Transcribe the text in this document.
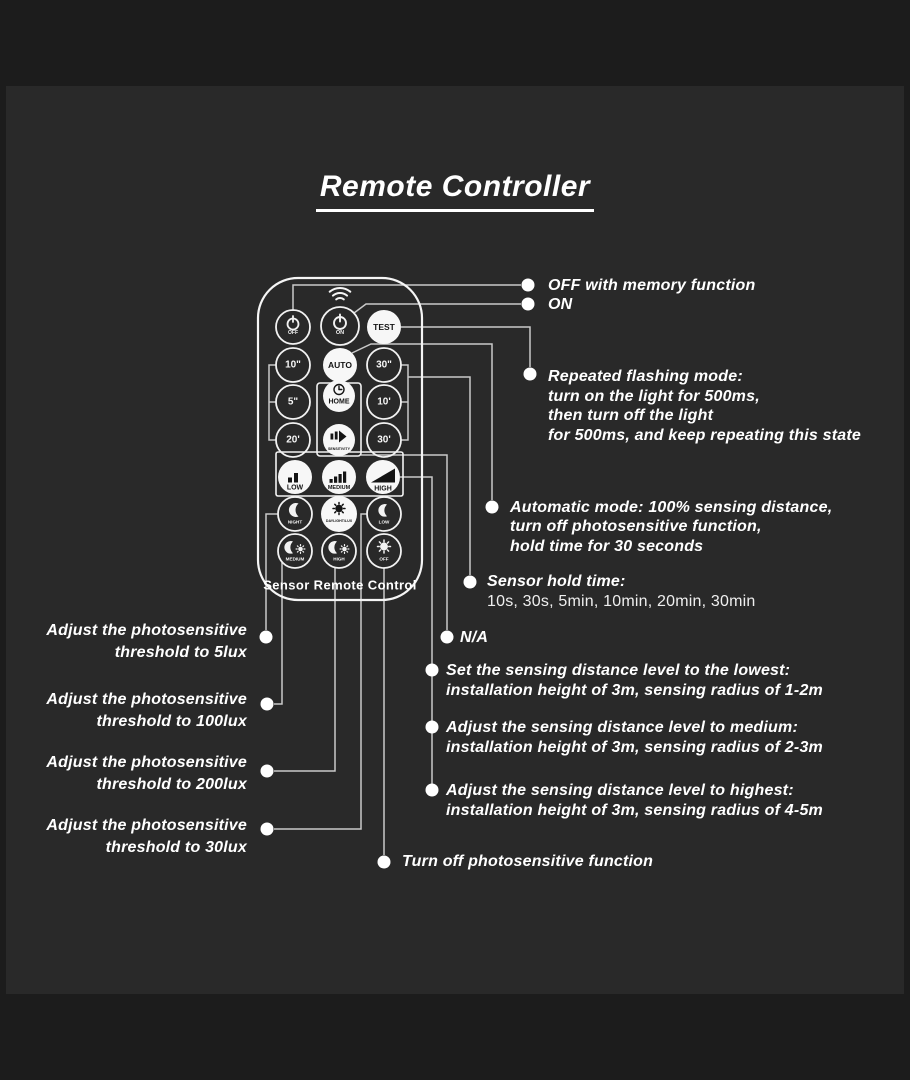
Remote Controller
OFF	ON
TEST
10"	AUTO 30"
5"	HOME	10'
20'
SENSITIVITY
30'
LOW	MEDIUM	HIGH
NIGHT	DAYLIGHT/LUX	LOW
MEDIUM	HIGH	OFF
Sensor Remote Control
OFF with memory function
ON
Repeated flashing mode:
turn on the light for 500ms,
then turn off the light
for 500ms, and keep repeating this state
Automatic mode: 100% sensing distance,
turn off photosensitive function,
hold time for 30 seconds
Sensor hold time:
10s, 30s, 5min, 10min, 20min, 30min
N/A
Set the sensing distance level to the lowest:
installation height of 3m, sensing radius of 1-2m
Adjust the sensing distance level to medium:
installation height of 3m, sensing radius of 2-3m
Adjust the sensing distance level to highest:
installation height of 3m, sensing radius of 4-5m
Turn off photosensitive function
Adjust the photosensitive
threshold to 5lux
Adjust the photosensitive
threshold to 100lux
Adjust the photosensitive
threshold to 200lux
Adjust the photosensitive
threshold to 30lux
